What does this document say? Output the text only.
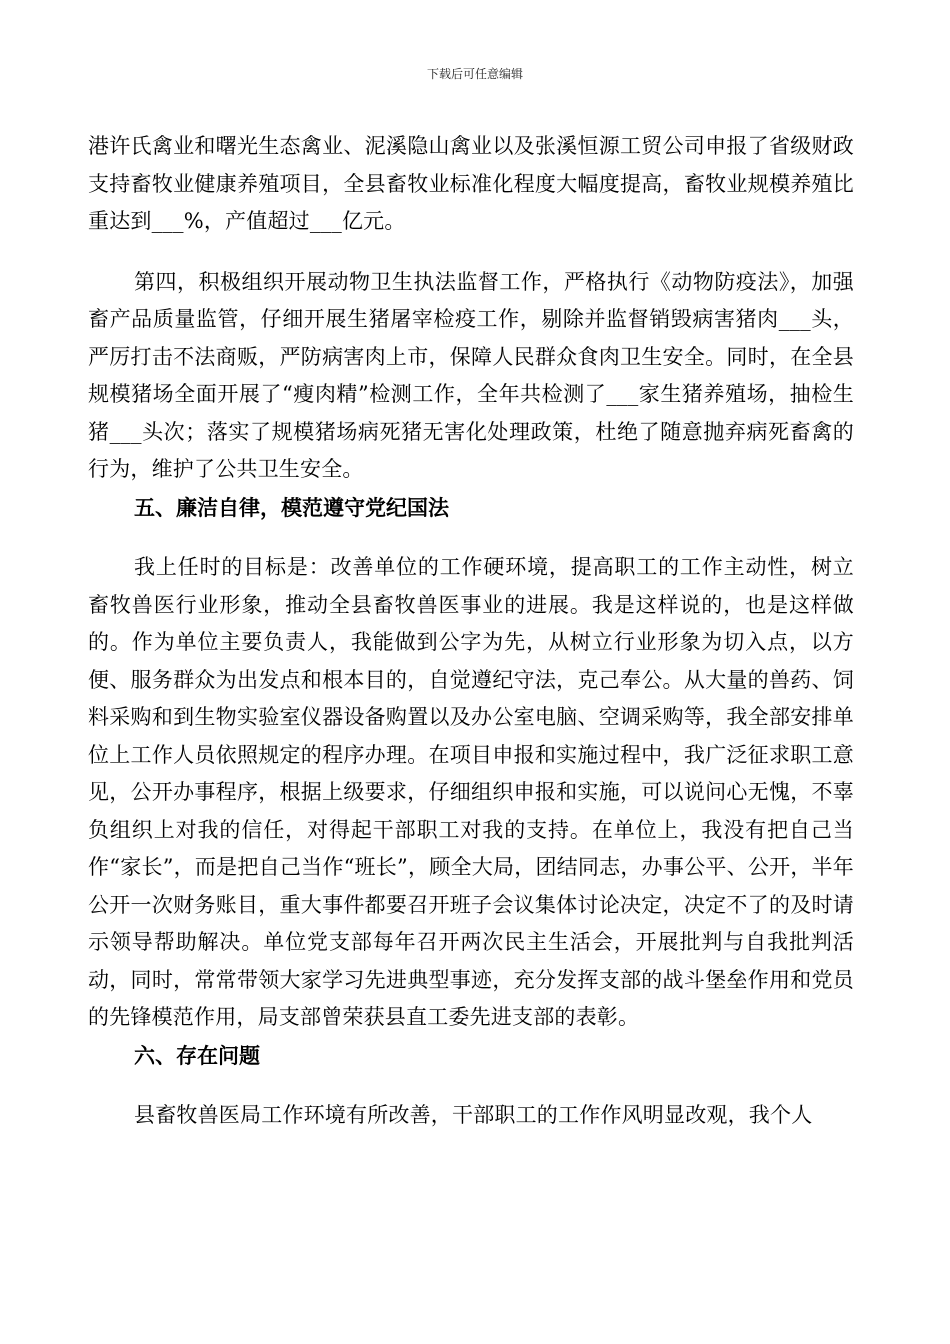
下载后可任意编辑

港许氏禽业和曙光生态禽业、泥溪隐山禽业以及张溪恒源工贸公司申报了省级财政支持畜牧业健康养殖项目，全县畜牧业标准化程度大幅度提高，畜牧业规模养殖比重达到___%，产值超过___亿元。

第四，积极组织开展动物卫生执法监督工作，严格执行《动物防疫法》，加强畜产品质量监管，仔细开展生猪屠宰检疫工作，剔除并监督销毁病害猪肉___头，严厉打击不法商贩，严防病害肉上市，保障人民群众食肉卫生安全。同时，在全县规模猪场全面开展了“瘦肉精”检测工作，全年共检测了___家生猪养殖场，抽检生猪___头次；落实了规模猪场病死猪无害化处理政策，杜绝了随意抛弃病死畜禽的行为，维护了公共卫生安全。

五、廉洁自律，模范遵守党纪国法

我上任时的目标是：改善单位的工作硬环境，提高职工的工作主动性，树立畜牧兽医行业形象，推动全县畜牧兽医事业的进展。我是这样说的，也是这样做的。作为单位主要负责人，我能做到公字为先，从树立行业形象为切入点，以方便、服务群众为出发点和根本目的，自觉遵纪守法，克己奉公。从大量的兽药、饲料采购和到生物实验室仪器设备购置以及办公室电脑、空调采购等，我全部安排单位上工作人员依照规定的程序办理。在项目申报和实施过程中，我广泛征求职工意见，公开办事程序，根据上级要求，仔细组织申报和实施，可以说问心无愧，不辜负组织上对我的信任，对得起干部职工对我的支持。在单位上，我没有把自己当作“家长”，而是把自己当作“班长”，顾全大局，团结同志，办事公平、公开，半年公开一次财务账目，重大事件都要召开班子会议集体讨论决定，决定不了的及时请示领导帮助解决。单位党支部每年召开两次民主生活会，开展批判与自我批判活动，同时，常常带领大家学习先进典型事迹，充分发挥支部的战斗堡垒作用和党员的先锋模范作用，局支部曾荣获县直工委先进支部的表彰。

六、存在问题

县畜牧兽医局工作环境有所改善，干部职工的工作作风明显改观，我个人
